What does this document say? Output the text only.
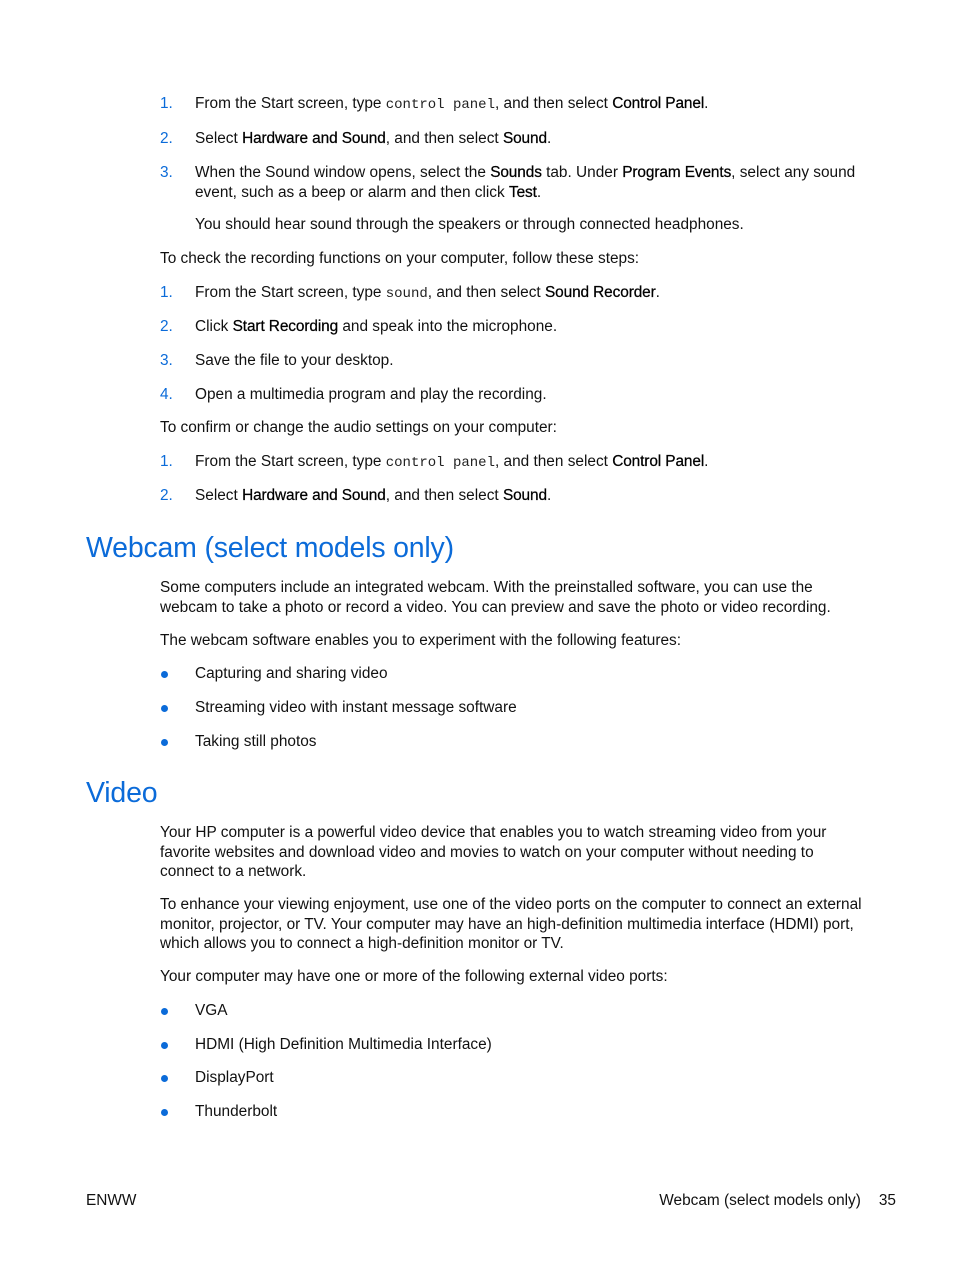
1.	From the Start screen, type control panel, and then select Control Panel.
2.	Select Hardware and Sound, and then select Sound.
3.	When the Sound window opens, select the Sounds tab. Under Program Events, select any sound event, such as a beep or alarm and then click Test.
You should hear sound through the speakers or through connected headphones.
To check the recording functions on your computer, follow these steps:
1.	From the Start screen, type sound, and then select Sound Recorder.
2.	Click Start Recording and speak into the microphone.
3.	Save the file to your desktop.
4.	Open a multimedia program and play the recording.
To confirm or change the audio settings on your computer:
1.	From the Start screen, type control panel, and then select Control Panel.
2.	Select Hardware and Sound, and then select Sound.
Webcam (select models only)
Some computers include an integrated webcam. With the preinstalled software, you can use the webcam to take a photo or record a video. You can preview and save the photo or video recording.
The webcam software enables you to experiment with the following features:
Capturing and sharing video
Streaming video with instant message software
Taking still photos
Video
Your HP computer is a powerful video device that enables you to watch streaming video from your favorite websites and download video and movies to watch on your computer without needing to connect to a network.
To enhance your viewing enjoyment, use one of the video ports on the computer to connect an external monitor, projector, or TV. Your computer may have an high-definition multimedia interface (HDMI) port, which allows you to connect a high-definition monitor or TV.
Your computer may have one or more of the following external video ports:
VGA
HDMI (High Definition Multimedia Interface)
DisplayPort
Thunderbolt
ENWW	Webcam (select models only) 35
